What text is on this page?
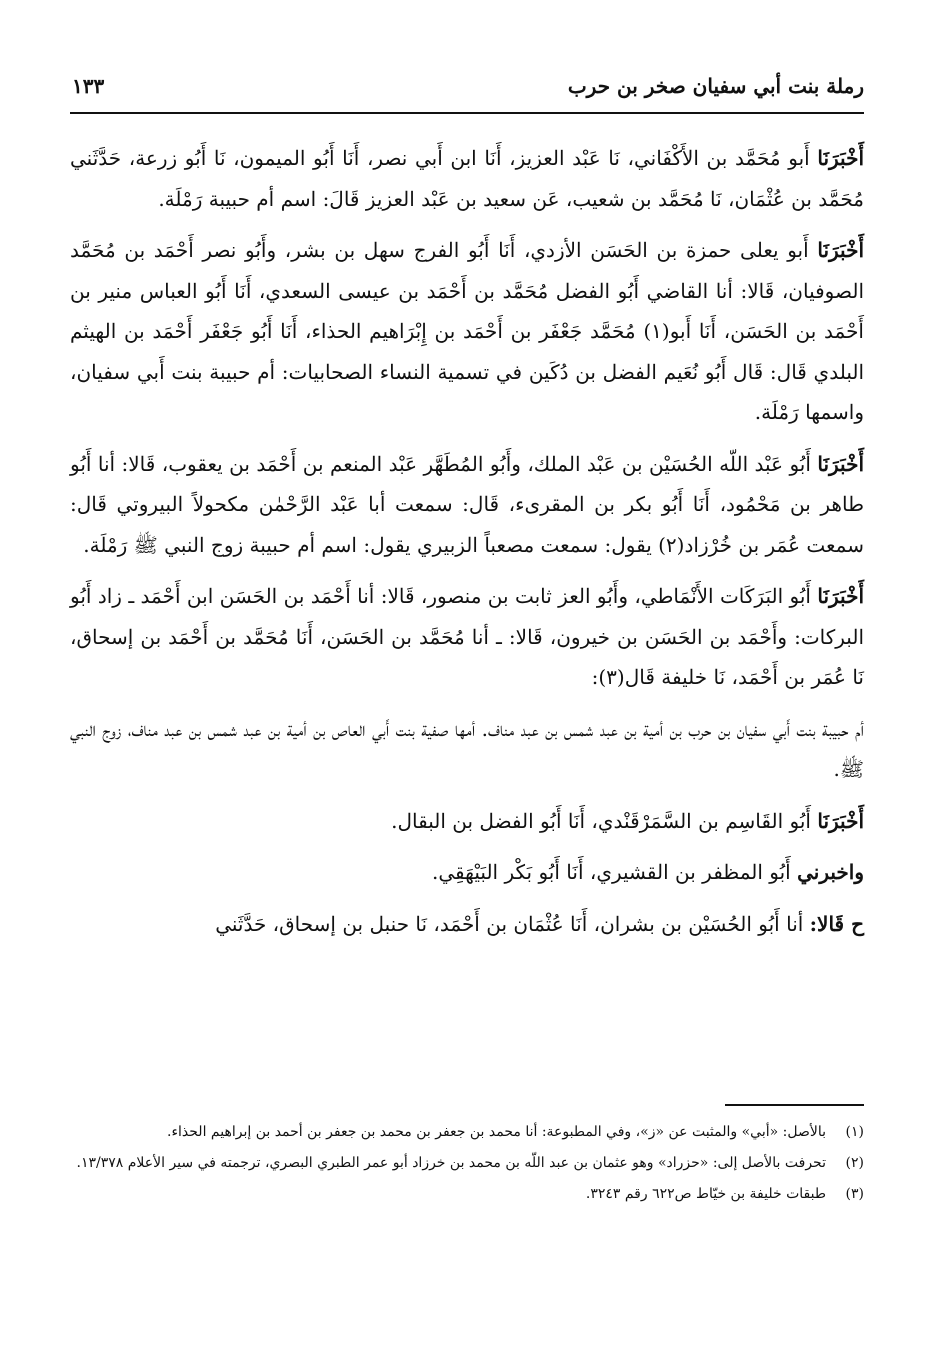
رملة بنت أبي سفيان صخر بن حرب
١٣٣

أَخْبَرَنَا أَبو مُحَمَّد بن الأَكْفَاني، نَا عَبْد العزيز، أَنَا ابن أَبي نصر، أَنَا أَبُو الميمون، نَا أَبُو زرعة، حَدَّثَني مُحَمَّد بن عُثْمَان، نَا مُحَمَّد بن شعيب، عَن سعيد بن عَبْد العزيز قَالَ: اسم أم حبيبة رَمْلَة.

أَخْبَرَنَا أَبو يعلى حمزة بن الحَسَن الأزدي، أَنَا أَبُو الفرج سهل بن بشر، وأَبُو نصر أَحْمَد بن مُحَمَّد الصوفيان، قَالا: أنا القاضي أَبُو الفضل مُحَمَّد بن أَحْمَد بن عيسى السعدي، أَنَا أَبُو العباس منير بن أَحْمَد بن الحَسَن، أَنَا أَبو(١) مُحَمَّد جَعْفَر بن أَحْمَد بن إِبْرَاهيم الحذاء، أَنَا أَبُو جَعْفَر أَحْمَد بن الهيثم البلدي قَال: قَال أَبُو نُعَيم الفضل بن دُكَين في تسمية النساء الصحابيات: أم حبيبة بنت أَبي سفيان، واسمها رَمْلَة.

أَخْبَرَنَا أَبُو عَبْد اللّه الحُسَيْن بن عَبْد الملك، وأَبُو المُطَهَّر عَبْد المنعم بن أَحْمَد بن يعقوب، قَالا: أنا أَبُو طاهر بن مَحْمُود، أَنَا أَبُو بكر بن المقرىء، قَال: سمعت أبا عَبْد الرَّحْمٰن مكحولاً البيروتي قَال: سمعت عُمَر بن خُرْزاد(٢) يقول: سمعت مصعباً الزبيري يقول: اسم أم حبيبة زوج النبي ﷺ رَمْلَة.

أَخْبَرَنَا أَبُو البَرَكَات الأَنْمَاطي، وأَبُو العز ثابت بن منصور، قَالا: أنا أَحْمَد بن الحَسَن ابن أَحْمَد ـ زاد أَبُو البركات: وأَحْمَد بن الحَسَن بن خيرون، قَالا: ـ أنا مُحَمَّد بن الحَسَن، أَنَا مُحَمَّد بن أَحْمَد بن إسحاق، نَا عُمَر بن أَحْمَد، نَا خليفة قَال(٣):

أم حبيبة بنت أَبي سفيان بن حرب بن أمية بن عبد شمس بن عبد مناف. أمها صفية بنت أَبي العاص بن أمية بن عبد شمس بن عبد مناف، زوج النبي ﷺ.

أَخْبَرَنَا أَبُو القَاسِم بن السَّمَرْقَنْدي، أَنَا أَبُو الفضل بن البقال.

واخبرني أَبُو المظفر بن القشيري، أَنَا أَبُو بَكْر البَيْهَقِي.

ح قَالا: أنا أَبُو الحُسَيْن بن بشران، أَنَا عُثْمَان بن أَحْمَد، نَا حنبل بن إسحاق، حَدَّثَني

(١)
بالأصل: «أبي» والمثبت عن «ز»، وفي المطبوعة: أنا محمد بن جعفر بن محمد بن جعفر بن أحمد بن إبراهيم الحذاء.
(٢)
تحرفت بالأصل إلى: «حزراد» وهو عثمان بن عبد اللّه بن محمد بن خرزاد أبو عمر الطبري البصري، ترجمته في سير الأعلام ١٣/٣٧٨.
(٣)
طبقات خليفة بن خيّاط ص٦٢٢ رقم ٣٢٤٣.
